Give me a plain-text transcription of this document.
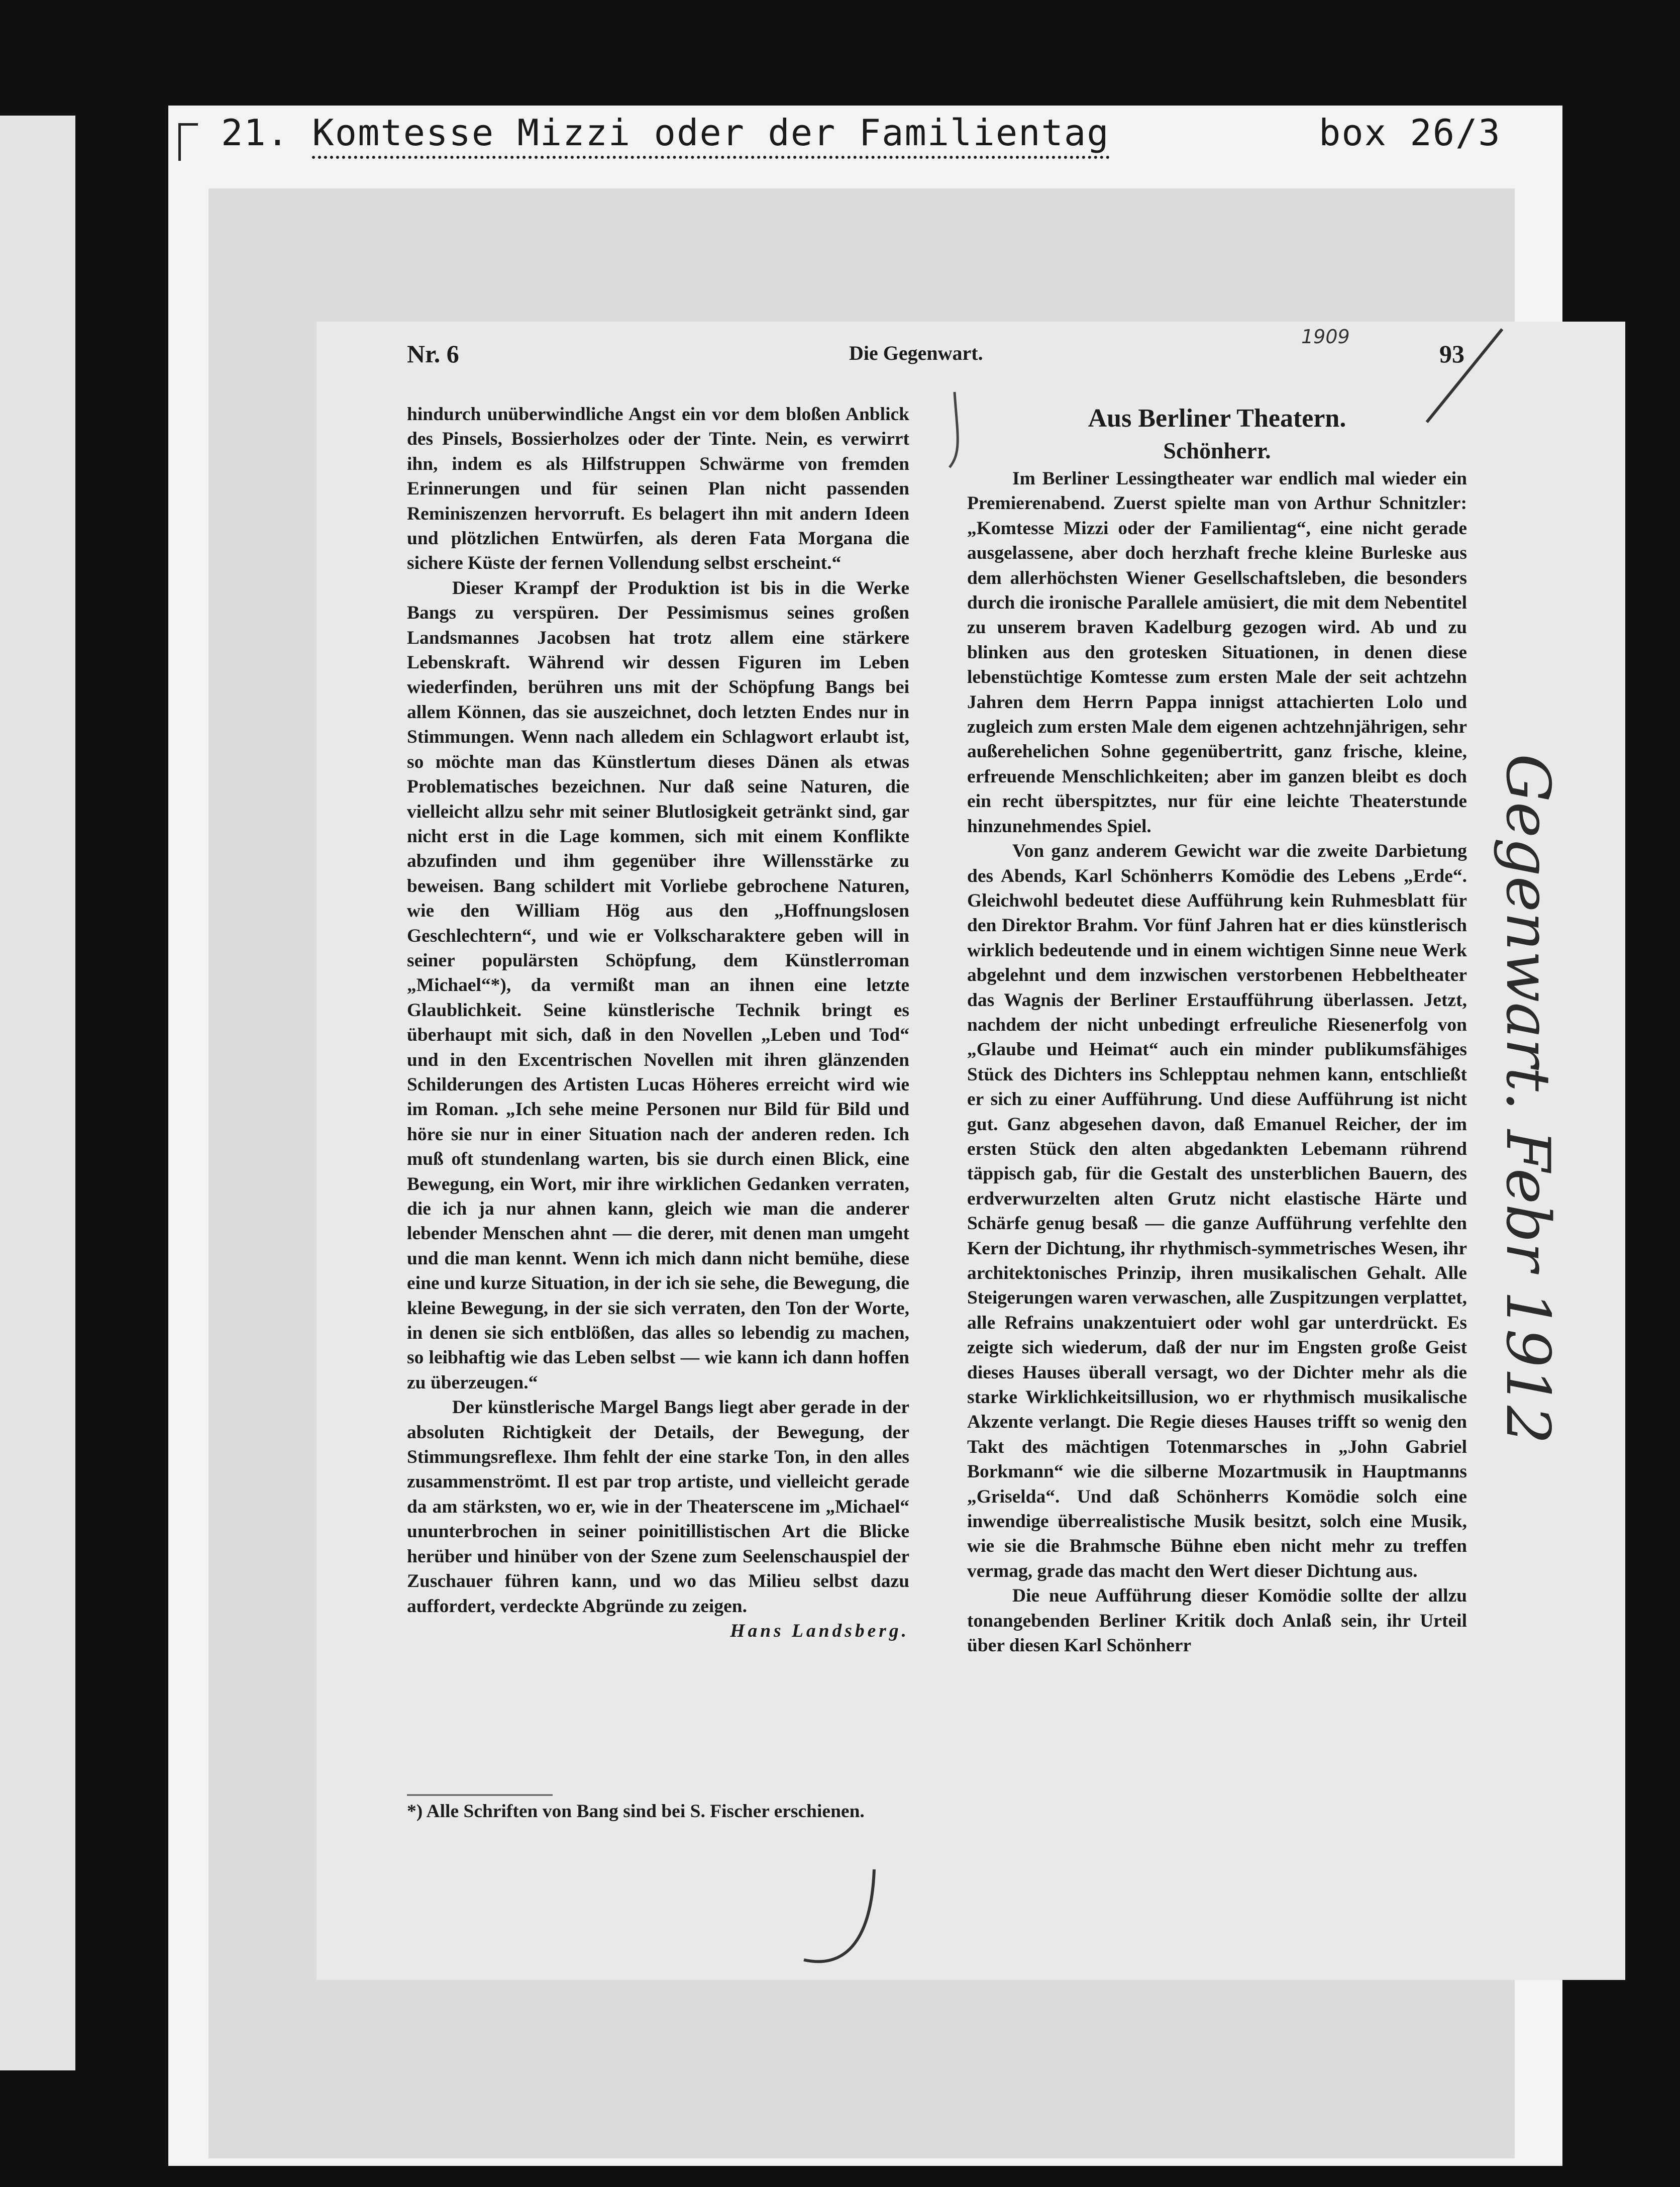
21. Komtesse Mizzi oder der Familientag	box 26/3
Nr. 6	Die Gegenwart.	93
1909

hindurch unüberwindliche Angst ein vor dem bloßen Anblick des Pinsels, Bossierholzes oder der Tinte. Nein, es verwirrt ihn, indem es als Hilfstruppen Schwärme von fremden Erinnerungen und für seinen Plan nicht passenden Reminiszenzen hervorruft. Es belagert ihn mit andern Ideen und plötzlichen Entwürfen, als deren Fata Morgana die sichere Küste der fernen Vollendung selbst erscheint.“

Dieser Krampf der Produktion ist bis in die Werke Bangs zu verspüren. Der Pessimismus seines großen Landsmannes Jacobsen hat trotz allem eine stärkere Lebenskraft. Während wir dessen Figuren im Leben wiederfinden, berühren uns mit der Schöpfung Bangs bei allem Können, das sie auszeichnet, doch letzten Endes nur in Stimmungen. Wenn nach alledem ein Schlagwort erlaubt ist, so möchte man das Künstlertum dieses Dänen als etwas Problematisches bezeichnen. Nur daß seine Naturen, die vielleicht allzu sehr mit seiner Blutlosigkeit getränkt sind, gar nicht erst in die Lage kommen, sich mit einem Konflikte abzufinden und ihm gegenüber ihre Willensstärke zu beweisen. Bang schildert mit Vorliebe gebrochene Naturen, wie den William Hög aus den „Hoffnungslosen Geschlechtern“, und wie er Volkscharaktere geben will in seiner populärsten Schöpfung, dem Künstlerroman „Michael“*), da vermißt man an ihnen eine letzte Glaublichkeit. Seine künstlerische Technik bringt es überhaupt mit sich, daß in den Novellen „Leben und Tod“ und in den Excentrischen Novellen mit ihren glänzenden Schilderungen des Artisten Lucas Höheres erreicht wird wie im Roman. „Ich sehe meine Personen nur Bild für Bild und höre sie nur in einer Situation nach der anderen reden. Ich muß oft stundenlang warten, bis sie durch einen Blick, eine Bewegung, ein Wort, mir ihre wirklichen Gedanken verraten, die ich ja nur ahnen kann, gleich wie man die anderer lebender Menschen ahnt — die derer, mit denen man umgeht und die man kennt. Wenn ich mich dann nicht bemühe, diese eine und kurze Situation, in der ich sie sehe, die Bewegung, die kleine Bewegung, in der sie sich verraten, den Ton der Worte, in denen sie sich entblößen, das alles so lebendig zu machen, so leibhaftig wie das Leben selbst — wie kann ich dann hoffen zu überzeugen.“

Der künstlerische Margel Bangs liegt aber gerade in der absoluten Richtigkeit der Details, der Bewegung, der Stimmungsreflexe. Ihm fehlt der eine starke Ton, in den alles zusammenströmt. Il est par trop artiste, und vielleicht gerade da am stärksten, wo er, wie in der Theaterscene im „Michael“ ununterbrochen in seiner poinitillistischen Art die Blicke herüber und hinüber von der Szene zum Seelenschauspiel der Zuschauer führen kann, und wo das Milieu selbst dazu auffordert, verdeckte Abgründe zu zeigen.

Hans Landsberg.

*) Alle Schriften von Bang sind bei S. Fischer erschienen.

Aus Berliner Theatern.

Schönherr.

Im Berliner Lessingtheater war endlich mal wieder ein Premierenabend. Zuerst spielte man von Arthur Schnitzler: „Komtesse Mizzi oder der Familientag“, eine nicht gerade ausgelassene, aber doch herzhaft freche kleine Burleske aus dem allerhöchsten Wiener Gesellschaftsleben, die besonders durch die ironische Parallele amüsiert, die mit dem Nebentitel zu unserem braven Kadelburg gezogen wird. Ab und zu blinken aus den grotesken Situationen, in denen diese lebenstüchtige Komtesse zum ersten Male der seit achtzehn Jahren dem Herrn Pappa innigst attachierten Lolo und zugleich zum ersten Male dem eigenen achtzehnjährigen, sehr außerehelichen Sohne gegenübertritt, ganz frische, kleine, erfreuende Menschlichkeiten; aber im ganzen bleibt es doch ein recht überspitztes, nur für eine leichte Theaterstunde hinzunehmendes Spiel.

Von ganz anderem Gewicht war die zweite Darbietung des Abends, Karl Schönherrs Komödie des Lebens „Erde“. Gleichwohl bedeutet diese Aufführung kein Ruhmesblatt für den Direktor Brahm. Vor fünf Jahren hat er dies künstlerisch wirklich bedeutende und in einem wichtigen Sinne neue Werk abgelehnt und dem inzwischen verstorbenen Hebbeltheater das Wagnis der Berliner Erstaufführung überlassen. Jetzt, nachdem der nicht unbedingt erfreuliche Riesenerfolg von „Glaube und Heimat“ auch ein minder publikumsfähiges Stück des Dichters ins Schlepptau nehmen kann, entschließt er sich zu einer Aufführung. Und diese Aufführung ist nicht gut. Ganz abgesehen davon, daß Emanuel Reicher, der im ersten Stück den alten abgedankten Lebemann rührend täppisch gab, für die Gestalt des unsterblichen Bauern, des erdverwurzelten alten Grutz nicht elastische Härte und Schärfe genug besaß — die ganze Aufführung verfehlte den Kern der Dichtung, ihr rhythmisch-symmetrisches Wesen, ihr architektonisches Prinzip, ihren musikalischen Gehalt. Alle Steigerungen waren verwaschen, alle Zuspitzungen verplattet, alle Refrains unakzentuiert oder wohl gar unterdrückt. Es zeigte sich wiederum, daß der nur im Engsten große Geist dieses Hauses überall versagt, wo der Dichter mehr als die starke Wirklichkeitsillusion, wo er rhythmisch musikalische Akzente verlangt. Die Regie dieses Hauses trifft so wenig den Takt des mächtigen Totenmarsches in „John Gabriel Borkmann“ wie die silberne Mozartmusik in Hauptmanns „Griselda“. Und daß Schönherrs Komödie solch eine inwendige überrealistische Musik besitzt, solch eine Musik, wie sie die Brahmsche Bühne eben nicht mehr zu treffen vermag, grade das macht den Wert dieser Dichtung aus.

Die neue Aufführung dieser Komödie sollte der allzu tonangebenden Berliner Kritik doch Anlaß sein, ihr Urteil über diesen Karl Schönherr

Gegenwart. Febr 1912
